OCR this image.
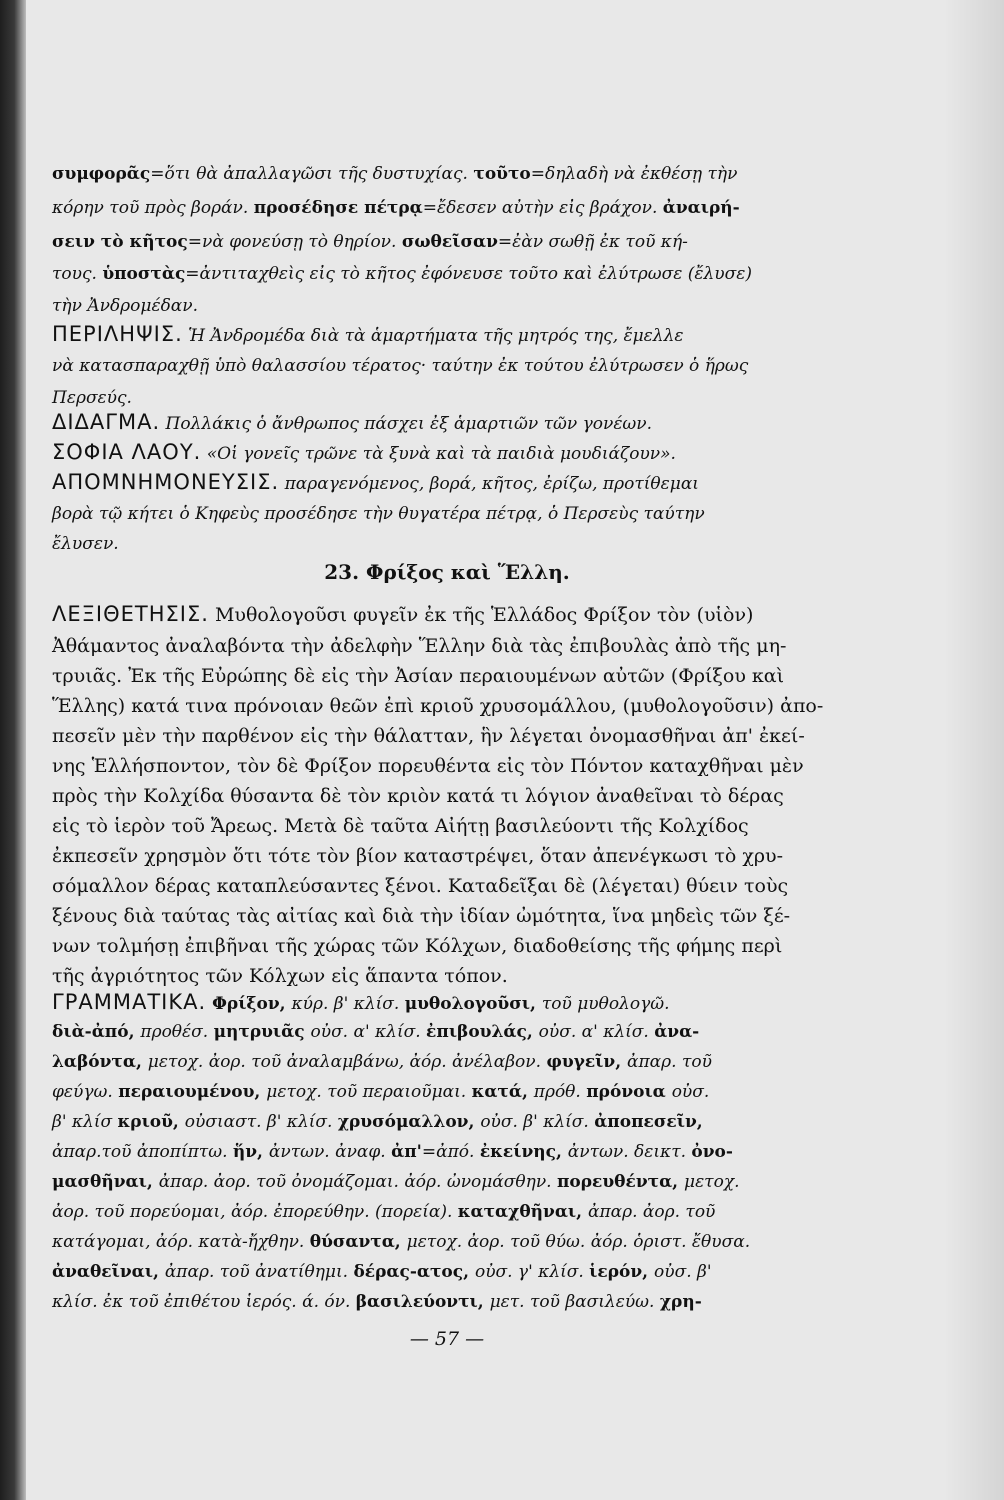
συμφορᾶς=ὅτι θὰ ἀπαλλαγῶσι τῆς δυστυχίας. τοῦτο=δηλαδὴ νὰ ἐκθέσῃ τὴν
κόρην τοῦ πρὸς βοράν. προσέδησε πέτρᾳ=ἔδεσεν αὐτὴν εἰς βράχον. ἀναιρή-
σειν τὸ κῆτος=νὰ φονεύσῃ τὸ θηρίον. σωθεῖσαν=ἐὰν σωθῇ ἐκ τοῦ κή-
τους. ὑποστὰς=ἀντιταχθεὶς εἰς τὸ κῆτος ἐφόνευσε τοῦτο καὶ ἐλύτρωσε (ἔλυσε)
τὴν Ἀνδρομέδαν.
ΠΕΡΙΛΗΨΙΣ. Ἡ Ἀνδρομέδα διὰ τὰ ἁμαρτήματα τῆς μητρός της, ἔμελλε
νὰ κατασπαραχθῇ ὑπὸ θαλασσίου τέρατος· ταύτην ἐκ τούτου ἐλύτρωσεν ὁ ἥρως
Περσεύς.
ΔΙΔΑΓΜΑ. Πολλάκις ὁ ἄνθρωπος πάσχει ἐξ ἁμαρτιῶν τῶν γονέων.
ΣΟΦΙΑ ΛΑΟΥ. «Οἱ γονεῖς τρῶνε τὰ ξυνὰ καὶ τὰ παιδιὰ μουδιάζουν».
ΑΠΟΜΝΗΜΟΝΕΥΣΙΣ. παραγενόμενος, βορά, κῆτος, ἐρίζω, προτίθεμαι
βορὰ τῷ κήτει ὁ Κηφεὺς προσέδησε τὴν θυγατέρα πέτρᾳ, ὁ Περσεὺς ταύτην
ἔλυσεν.
23. Φρίξος καὶ Ἕλλη.
ΛΕΞΙΘΕΤΗΣΙΣ. Μυθολογοῦσι φυγεῖν ἐκ τῆς Ἑλλάδος Φρίξον τὸν (υἱὸν)
Ἀθάμαντος ἀναλαβόντα τὴν ἀδελφὴν Ἕλλην διὰ τὰς ἐπιβουλὰς ἀπὸ τῆς μη-
τρυιᾶς. Ἐκ τῆς Εὐρώπης δὲ εἰς τὴν Ἀσίαν περαιουμένων αὐτῶν (Φρίξου καὶ
Ἕλλης) κατά τινα πρόνοιαν θεῶν ἐπὶ κριοῦ χρυσομάλλου, (μυθολογοῦσιν) ἀπο-
πεσεῖν μὲν τὴν παρθένον εἰς τὴν θάλατταν, ἣν λέγεται ὀνομασθῆναι ἀπ' ἐκεί-
νης Ἑλλήσποντον, τὸν δὲ Φρίξον πορευθέντα εἰς τὸν Πόντον καταχθῆναι μὲν
πρὸς τὴν Κολχίδα θύσαντα δὲ τὸν κριὸν κατά τι λόγιον ἀναθεῖναι τὸ δέρας
εἰς τὸ ἱερὸν τοῦ Ἄρεως. Μετὰ δὲ ταῦτα Αἰήτῃ βασιλεύοντι τῆς Κολχίδος
ἐκπεσεῖν χρησμὸν ὅτι τότε τὸν βίον καταστρέψει, ὅταν ἀπενέγκωσι τὸ χρυ-
σόμαλλον δέρας καταπλεύσαντες ξένοι. Καταδεῖξαι δὲ (λέγεται) θύειν τοὺς
ξένους διὰ ταύτας τὰς αἰτίας καὶ διὰ τὴν ἰδίαν ὠμότητα, ἵνα μηδεὶς τῶν ξέ-
νων τολμήσῃ ἐπιβῆναι τῆς χώρας τῶν Κόλχων, διαδοθείσης τῆς φήμης περὶ
τῆς ἀγριότητος τῶν Κόλχων εἰς ἅπαντα τόπον.
ΓΡΑΜΜΑΤΙΚΑ. Φρίξον, κύρ. β' κλίσ. μυθολογοῦσι, τοῦ μυθολογῶ.
διὰ-ἀπό, προθέσ. μητρυιᾶς οὐσ. α' κλίσ. ἐπιβουλάς, οὐσ. α' κλίσ. ἀνα-
λαβόντα, μετοχ. ἀορ. τοῦ ἀναλαμβάνω, ἀόρ. ἀνέλαβον. φυγεῖν, ἀπαρ. τοῦ
φεύγω. περαιουμένου, μετοχ. τοῦ περαιοῦμαι. κατά, πρόθ. πρόνοια οὐσ.
β' κλίσ κριοῦ, οὐσιαστ. β' κλίσ. χρυσόμαλλον, οὐσ. β' κλίσ. ἀποπεσεῖν,
ἀπαρ.τοῦ ἀποπίπτω. ἥν, ἀντων. ἀναφ. ἀπ'=ἀπό. ἐκείνης, ἀντων. δεικτ. ὀνο-
μασθῆναι, ἀπαρ. ἀορ. τοῦ ὀνομάζομαι. ἀόρ. ὠνομάσθην. πορευθέντα, μετοχ.
ἀορ. τοῦ πορεύομαι, ἀόρ. ἐπορεύθην. (πορεία). καταχθῆναι, ἀπαρ. ἀορ. τοῦ
κατάγομαι, ἀόρ. κατὰ-ἤχθην. θύσαντα, μετοχ. ἀορ. τοῦ θύω. ἀόρ. ὁριστ. ἔθυσα.
ἀναθεῖναι, ἀπαρ. τοῦ ἀνατίθημι. δέρας-ατος, οὐσ. γ' κλίσ. ἱερόν, οὐσ. β'
κλίσ. ἐκ τοῦ ἐπιθέτου ἱερός. ά. όν. βασιλεύοντι, μετ. τοῦ βασιλεύω. χρη-
— 57 —
